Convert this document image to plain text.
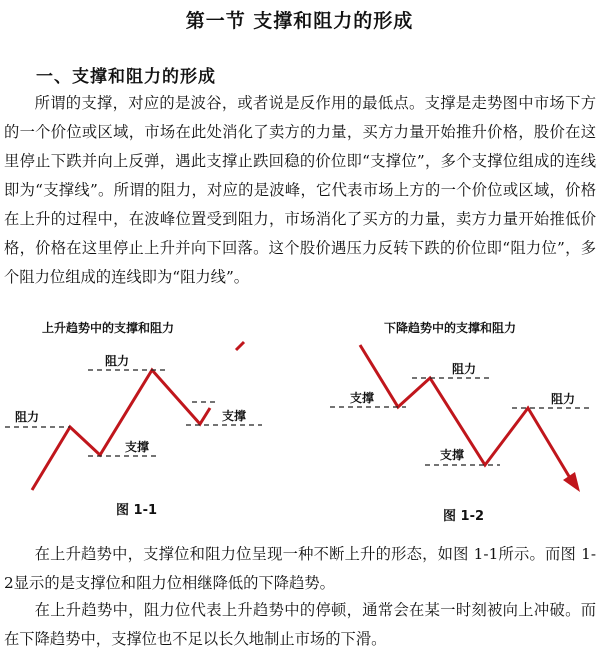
第一节 支撑和阻力的形成
一、支撑和阻力的形成
所谓的支撑，对应的是波谷，或者说是反作用的最低点。支撑是走势图中市场下方的一个价位或区域，市场在此处消化了卖方的力量，买方力量开始推升价格，股价在这里停止下跌并向上反弹，遇此支撑止跌回稳的价位即“支撑位”，多个支撑位组成的连线即为“支撑线”。所谓的阻力，对应的是波峰，它代表市场上方的一个价位或区域，价格在上升的过程中，在波峰位置受到阻力，市场消化了买方的力量，卖方力量开始推低价格，价格在这里停止上升并向下回落。这个股价遇压力反转下跌的价位即“阻力位”，多个阻力位组成的连线即为“阻力线”。
上升趋势中的支撑和阻力
阻力
阻力
支撑
支撑
图 1-1
下降趋势中的支撑和阻力
阻力
支撑	阻力
支撑
图 1-2
在上升趋势中，支撑位和阻力位呈现一种不断上升的形态，如图 1-1所示。而图 1-2显示的是支撑位和阻力位相继降低的下降趋势。
在上升趋势中，阻力位代表上升趋势中的停顿，通常会在某一时刻被向上冲破。而在下降趋势中，支撑位也不足以长久地制止市场的下滑。
